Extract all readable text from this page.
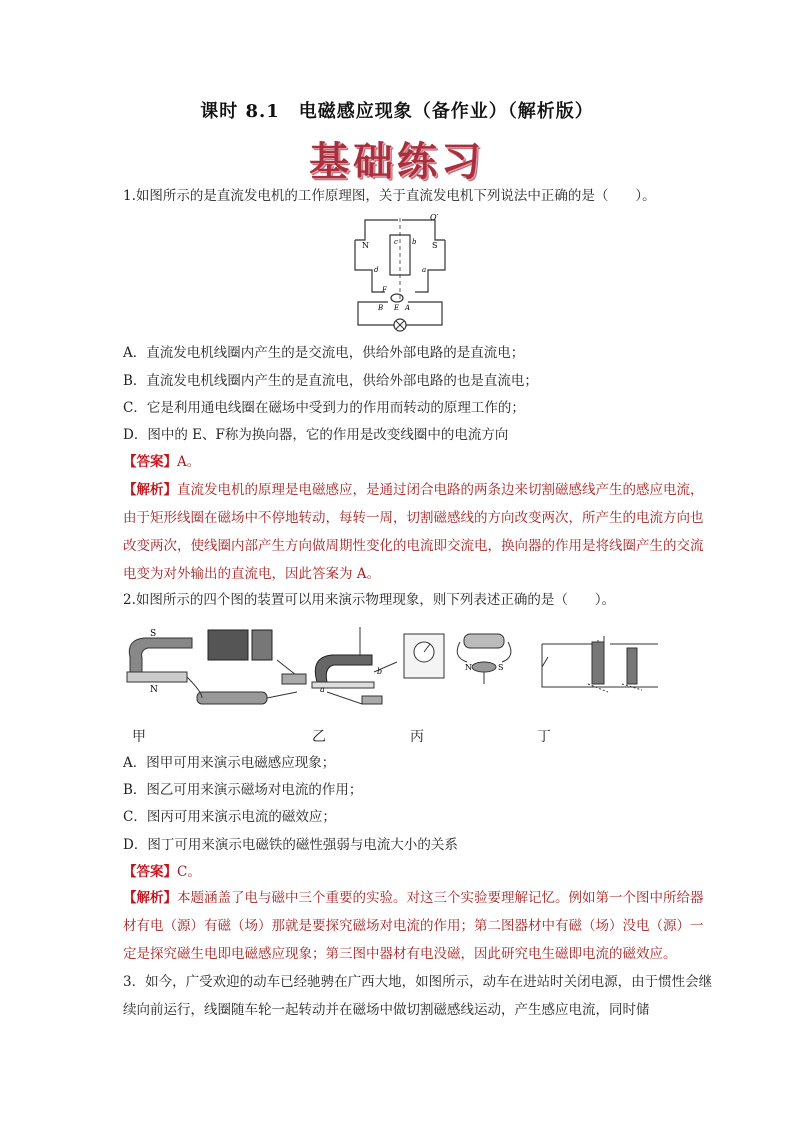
课时 8.1　电磁感应现象（备作业）（解析版）
基础练习
1.如图所示的是直流发电机的工作原理图，关于直流发电机下列说法中正确的是（　　）。
O′
N	S
c b
d	a
F
B E A
A．直流发电机线圈内产生的是交流电，供给外部电路的是直流电；
B．直流发电机线圈内产生的是直流电，供给外部电路的也是直流电；
C．它是利用通电线圈在磁场中受到力的作用而转动的原理工作的；
D．图中的 E、F称为换向器，它的作用是改变线圈中的电流方向
【答案】A。
【解析】直流发电机的原理是电磁感应，是通过闭合电路的两条边来切割磁感线产生的感应电流，由于矩形线圈在磁场中不停地转动，每转一周，切割磁感线的方向改变两次，所产生的电流方向也改变两次，使线圈内部产生方向做周期性变化的电流即交流电，换向器的作用是将线圈产生的交流电变为对外输出的直流电，因此答案为 A。
2.如图所示的四个图的装置可以用来演示物理现象，则下列表述正确的是（　　）。
S
N	a
b	N	S
甲	乙	丙	丁
A．图甲可用来演示电磁感应现象；
B．图乙可用来演示磁场对电流的作用；
C．图丙可用来演示电流的磁效应；
D．图丁可用来演示电磁铁的磁性强弱与电流大小的关系
【答案】C。
【解析】本题涵盖了电与磁中三个重要的实验。对这三个实验要理解记忆。例如第一个图中所给器材有电（源）有磁（场）那就是要探究磁场对电流的作用；第二图器材中有磁（场）没电（源）一定是探究磁生电即电磁感应现象；第三图中器材有电没磁，因此研究电生磁即电流的磁效应。
3．如今，广受欢迎的动车已经驰骋在广西大地，如图所示，动车在进站时关闭电源，由于惯性会继续向前运行，线圈随车轮一起转动并在磁场中做切割磁感线运动，产生感应电流，同时储
